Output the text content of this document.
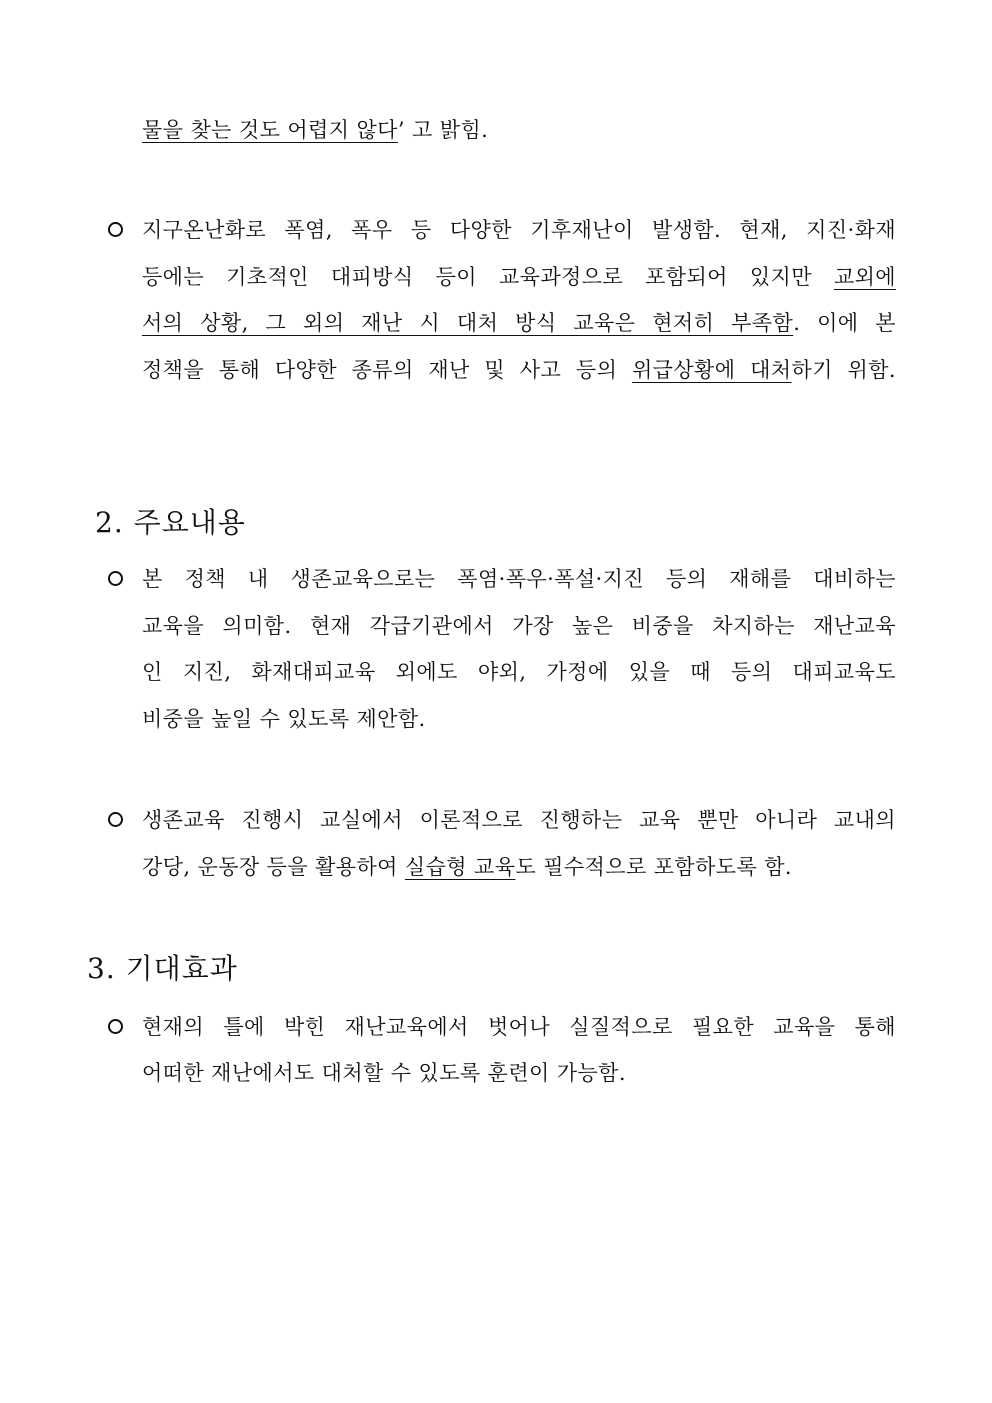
물을 찾는 것도 어렵지 않다’ 고 밝힘.

지구온난화로 폭염, 폭우 등 다양한 기후재난이 발생함. 현재, 지진·화재

등에는 기초적인 대피방식 등이 교육과정으로 포함되어 있지만 교외에

서의 상황, 그 외의 재난 시 대처 방식 교육은 현저히 부족함. 이에 본

정책을 통해 다양한 종류의 재난 및 사고 등의 위급상황에 대처하기 위함.

2. 주요내용

본 정책 내 생존교육으로는 폭염·폭우·폭설·지진 등의 재해를 대비하는

교육을 의미함. 현재 각급기관에서 가장 높은 비중을 차지하는 재난교육

인 지진, 화재대피교육 외에도 야외, 가정에 있을 때 등의 대피교육도

비중을 높일 수 있도록 제안함.

생존교육 진행시 교실에서 이론적으로 진행하는 교육 뿐만 아니라 교내의

강당, 운동장 등을 활용하여 실습형 교육도 필수적으로 포함하도록 함.

3. 기대효과

현재의 틀에 박힌 재난교육에서 벗어나 실질적으로 필요한 교육을 통해

어떠한 재난에서도 대처할 수 있도록 훈련이 가능함.
